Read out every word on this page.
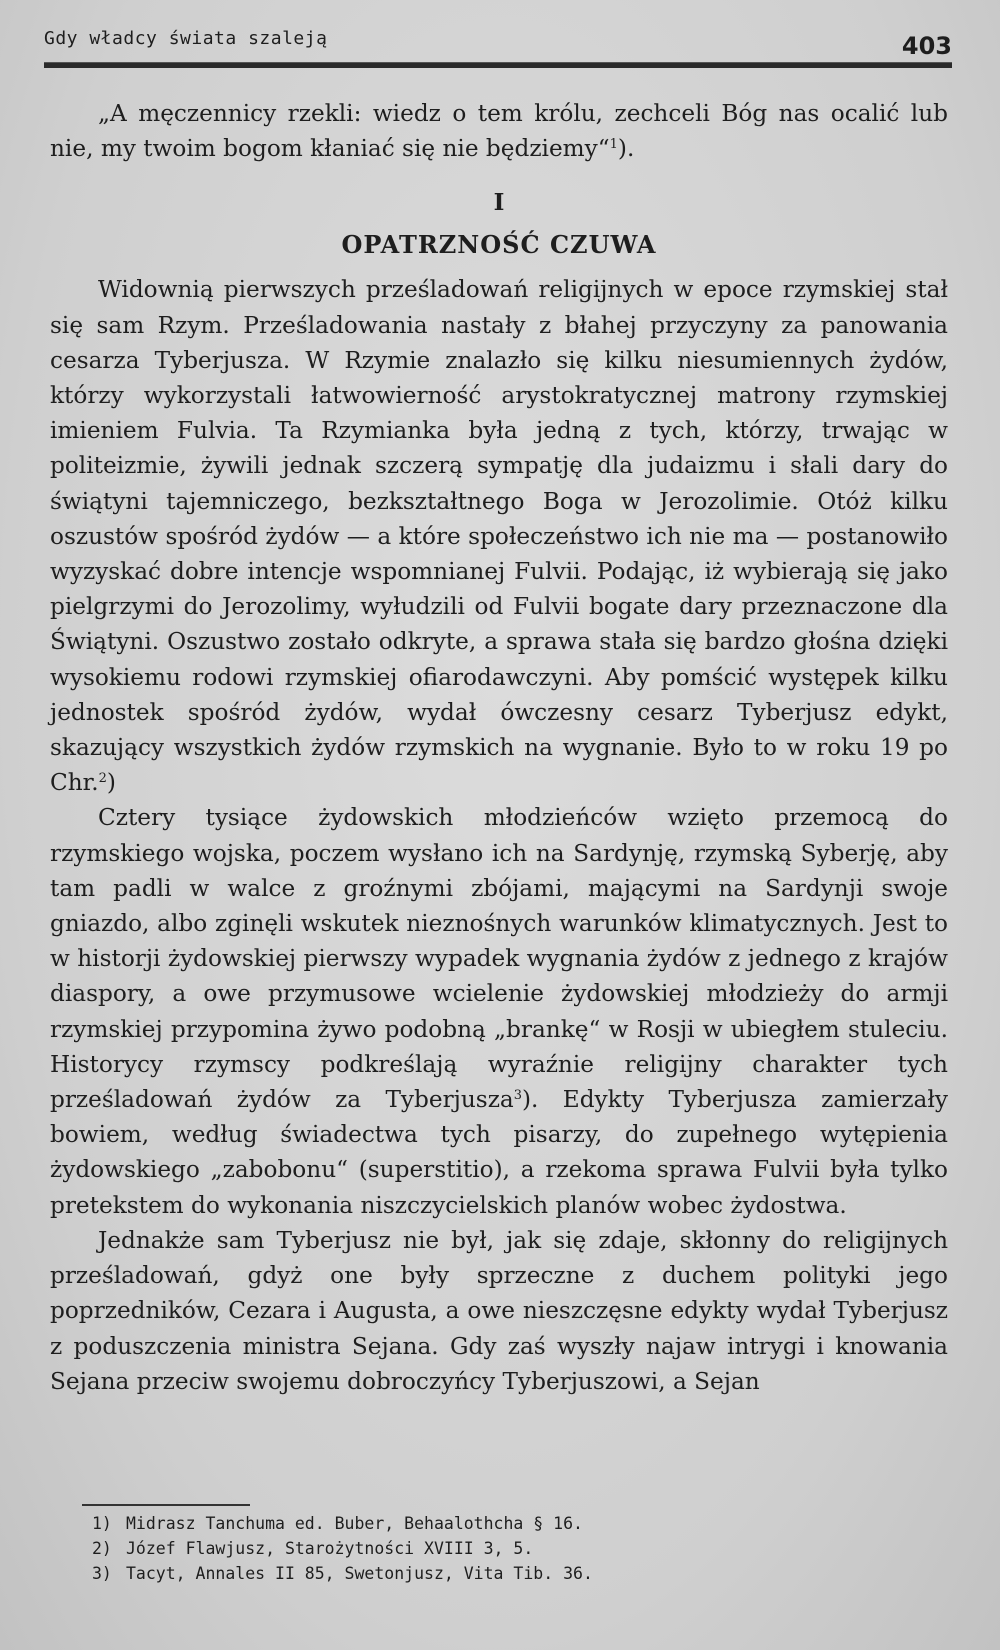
Gdy władcy świata szaleją	403

„A męczennicy rzekli: wiedz o tem królu, zechceli Bóg nas ocalić lub nie, my twoim bogom kłaniać się nie będziemy“$^1$).

I
OPATRZNOŚĆ CZUWA

Widownią pierwszych prześladowań religijnych w epoce rzymskiej stał się sam Rzym. Prześladowania nastały z błahej przyczyny za panowania cesarza Tyberjusza. W Rzymie znalazło się kilku niesumiennych żydów, którzy wykorzystali łatwowierność arystokratycznej matrony rzymskiej imieniem Fulvia. Ta Rzymianka była jedną z tych, którzy, trwając w politeizmie, żywili jednak szczerą sympatję dla judaizmu i słali dary do świątyni tajemniczego, bezkształtnego Boga w Jerozolimie. Otóż kilku oszustów spośród żydów — a które społeczeństwo ich nie ma — postanowiło wyzyskać dobre intencje wspomnianej Fulvii. Podając, iż wybierają się jako pielgrzymi do Jerozolimy, wyłudzili od Fulvii bogate dary przeznaczone dla Świątyni. Oszustwo zostało odkryte, a sprawa stała się bardzo głośna dzięki wysokiemu rodowi rzymskiej ofiarodawczyni. Aby pomścić występek kilku jednostek spośród żydów, wydał ówczesny cesarz Tyberjusz edykt, skazujący wszystkich żydów rzymskich na wygnanie. Było to w roku 19 po Chr.$^2$)

Cztery tysiące żydowskich młodzieńców wzięto przemocą do rzymskiego wojska, poczem wysłano ich na Sardynję, rzymską Syberję, aby tam padli w walce z groźnymi zbójami, mającymi na Sardynji swoje gniazdo, albo zginęli wskutek nieznośnych warunków klimatycznych. Jest to w historji żydowskiej pierwszy wypadek wygnania żydów z jednego z krajów diaspory, a owe przymusowe wcielenie żydowskiej młodzieży do armji rzymskiej przypomina żywo podobną „brankę“ w Rosji w ubiegłem stuleciu. Historycy rzymscy podkreślają wyraźnie religijny charakter tych prześladowań żydów za Tyberjusza$^3$). Edykty Tyberjusza zamierzały bowiem, według świadectwa tych pisarzy, do zupełnego wytępienia żydowskiego „zabobonu“ (superstitio), a rzekoma sprawa Fulvii była tylko pretekstem do wykonania niszczycielskich planów wobec żydostwa.

Jednakże sam Tyberjusz nie był, jak się zdaje, skłonny do religijnych prześladowań, gdyż one były sprzeczne z duchem polityki jego poprzedników, Cezara i Augusta, a owe nieszczęsne edykty wydał Tyberjusz z poduszczenia ministra Sejana. Gdy zaś wyszły najaw intrygi i knowania Sejana przeciw swojemu dobroczyńcy Tyberjuszowi, a Sejan

1) Midrasz Tanchuma ed. Buber, Behaalothcha § 16.
2) Józef Flawjusz, Starożytności XVIII 3, 5.
3) Tacyt, Annales II 85, Swetonjusz, Vita Tib. 36.
